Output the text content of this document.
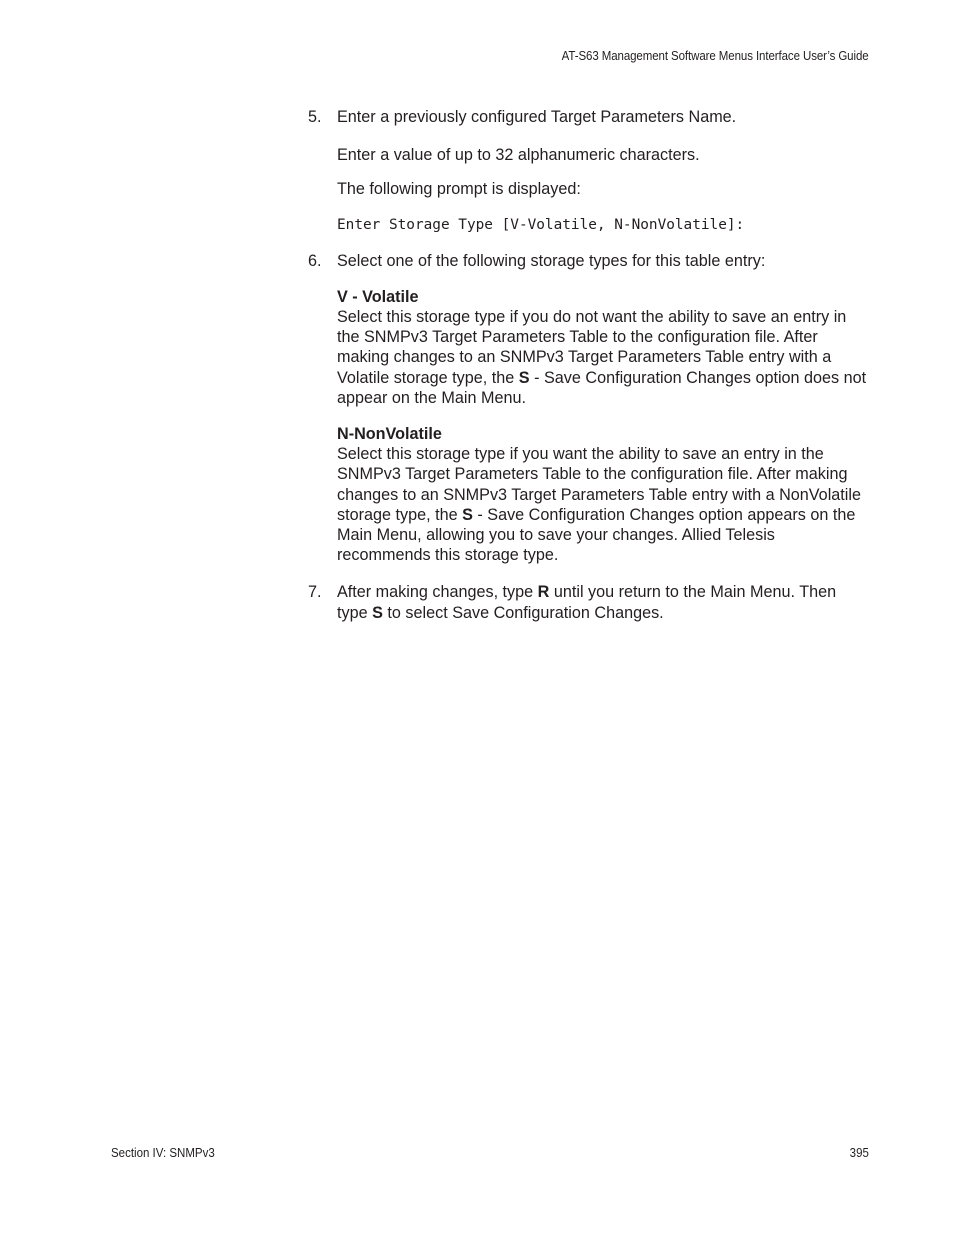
AT-S63 Management Software Menus Interface User’s Guide
5. Enter a previously configured Target Parameters Name.

Enter a value of up to 32 alphanumeric characters.

The following prompt is displayed:

Enter Storage Type [V-Volatile, N-NonVolatile]:

6. Select one of the following storage types for this table entry:

V - Volatile

Select this storage type if you do not want the ability to save an entry in the SNMPv3 Target Parameters Table to the configuration file. After making changes to an SNMPv3 Target Parameters Table entry with a Volatile storage type, the S - Save Configuration Changes option does not appear on the Main Menu.

N-NonVolatile

Select this storage type if you want the ability to save an entry in the SNMPv3 Target Parameters Table to the configuration file. After making changes to an SNMPv3 Target Parameters Table entry with a NonVolatile storage type, the S - Save Configuration Changes option appears on the Main Menu, allowing you to save your changes. Allied Telesis recommends this storage type.

7. After making changes, type R until you return to the Main Menu. Then type S to select Save Configuration Changes.

Section IV: SNMPv3	395
